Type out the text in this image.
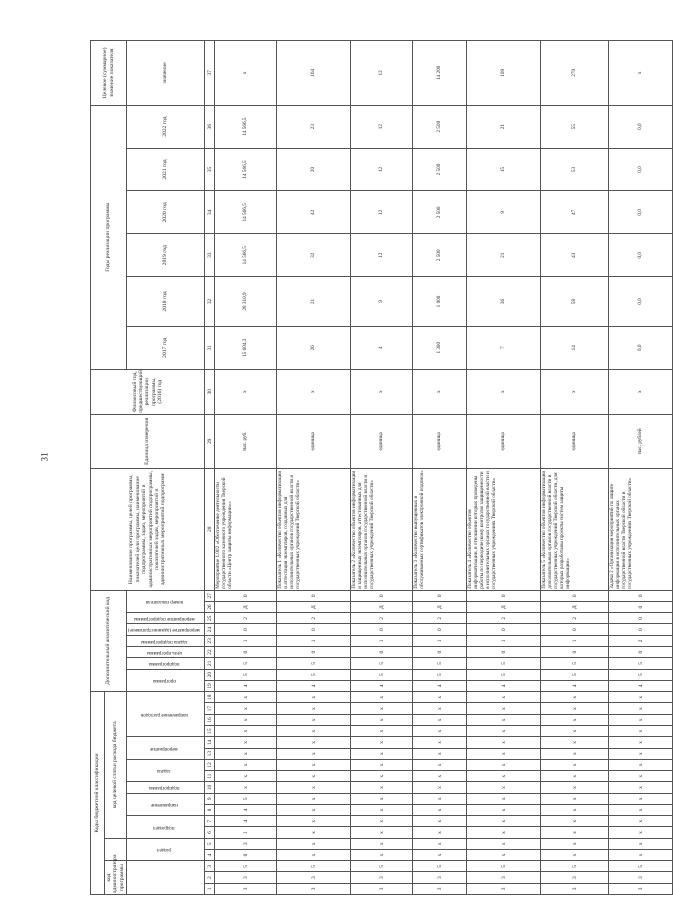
31
Коды бюджетной классификации																		Дополнительный аналитический код									Наименование программы, целей программы, показателей цели программы, наименование подпрограммы, задач, мероприятий и административных мероприятий подпрограммы, показателей задач, мероприятий и административных мероприятий подпрограмм	Единица измерения	Финансовый год, предшествующий реализации программы, (2016) год	Годы реализации программы						Целевое (суммарное) значение показателя
код администратора программы					код целевой статьи расхода бюджета																															
			раздел		подраздел		направление		подпрограмма	задача		мероприятие		направление расходов				программа		подпрограмма	цель программы	задача подпрограммы	мероприятие (административное)	мероприятие подпрограммы	номер показателя					2017 год	2018 год	2019 год	2020 год	2021 год	2022 год	значение
1	2	3	4	5	6	7	8	9	10	11	12	13	14	15	16	17	18	19	20	21	22	23	24	25	26	27	28	29	30	31	32	33	34	35	36	37
3	3	5	0	3	1	4	4	5	x	x	x	x	x	x	x	x	x	4	5	5	0	1	0	2	Д	0	Мероприятие 1.002 «Обеспечение деятельности государственного казенного учреждения Тверской области «Центр защиты информации»»	тыс. руб.	x	15 604,3	28 310,9	14 566,5	14 566,5	14 566,5	14 566,5	x
3	3	5	x	x	x	x	x	x	x	x	x	x	x	x	x	x	x	4	5	5	0	1	0	2	Д	0	Показатель 1 «Количество объектов информатизации и аттестация экземпляров, созданных для исполнительных органов государственной власти и государственных учреждений Тверской области»	единица	x	26	21	32	42	20	23	164
3	3	5	x	x	x	x	x	x	x	x	x	x	x	x	x	x	x	4	5	5	0	1	0	2	Д	0	Показатель 2 «Количество объектов информатизации и защищенных экземпляров, аттестованных для исполнительных органов государственной власти и государственных учреждений Тверской области»	единица	x	4	9	12	12	12	12	12
3	3	5	x	x	x	x	x	x	x	x	x	x	x	x	x	x	x	4	5	5	0	1	0	2	Д	0	Показатель 3 «Количество выпущенных и обслуживаемых сертификатов электронной подписи»	единица	x	1 300	1 000	2 500	2 500	2 500	2 500	14 200
3	3	5	x	x	x	x	x	x	x	x	x	x	x	x	x	x	x	4	5	5	0	1	0	2	Д	0	Показатель 4 «Количество объектов информатизации, в отношении которых проведены работы по периодическому контролю защищенности в исполнительных органах государственной власти и государственных учреждениях Тверской области»	единица	x	7	36	21	9	15	21	109
3	3	5	x	x	x	x	x	x	x	x	x	x	x	x	x	x	x	4	5	5	0	1	0	2	Д	0	Показатель 5 «Количество объектов информатизации дополнительных органов государственной власти и государственных учреждений Тверской области, для которых разработаны проекты систем защиты информации»	единица	x	14	58	43	47	53	55	270
3	3	5	x	x	x	x	x	x	x	x	x	x	x	x	x	x	x	4	5	5	0	2	0	0	0	0	Задача 2 «Организация мероприятий по защите информации в исполнительных органах государственной власти Тверской области и государственных учреждениях Тверской области»	тыс. рублей	x	0,0	0,0	0,0	0,0	0,0	0,0	x
